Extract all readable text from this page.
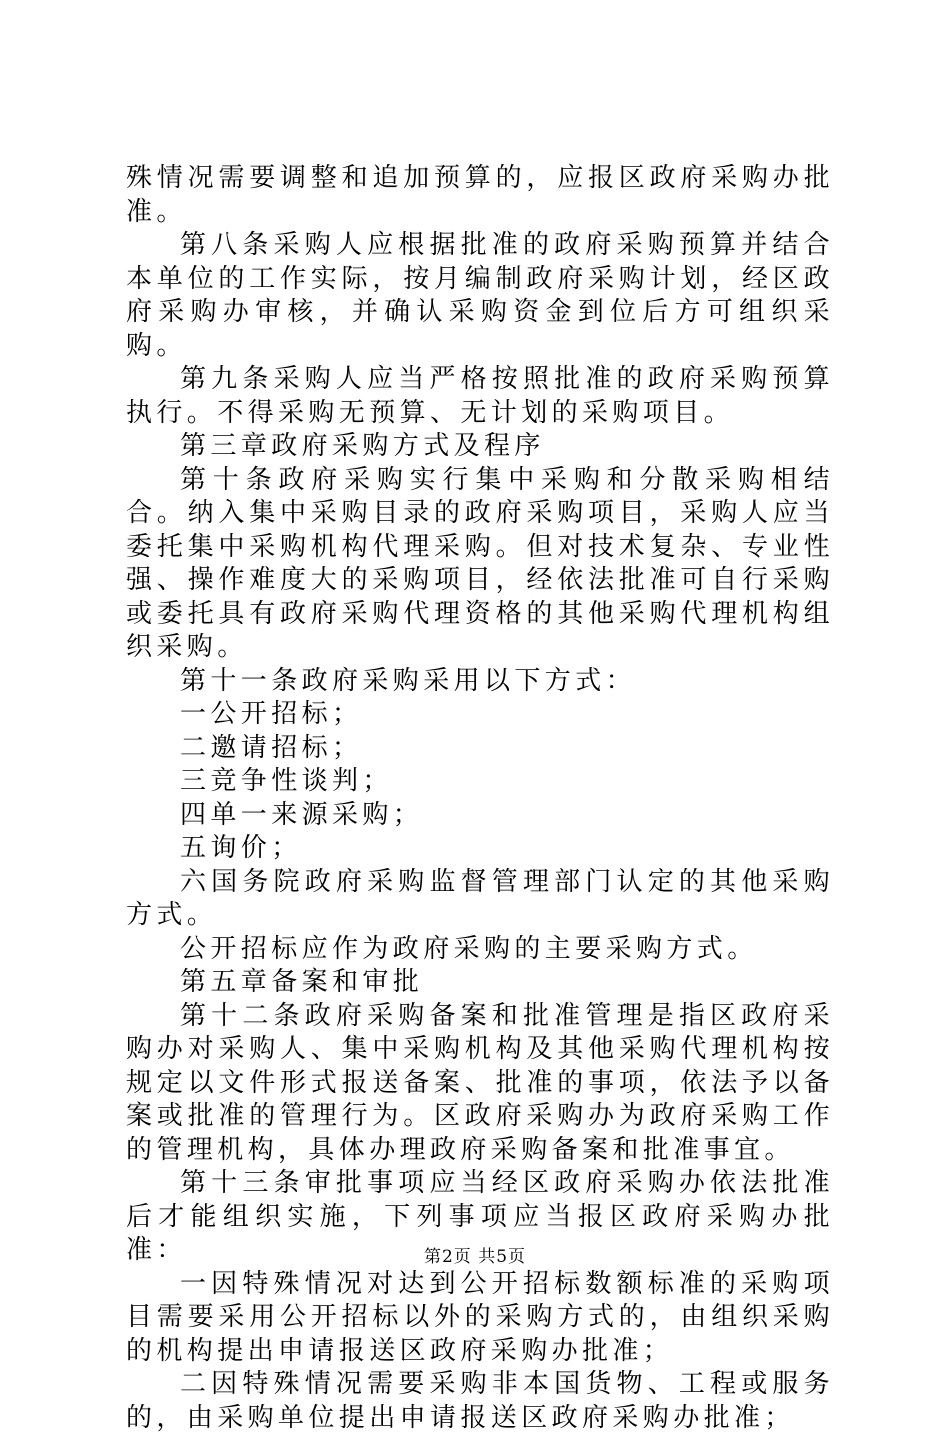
殊情况需要调整和追加预算的，应报区政府采购办批准。

第八条采购人应根据批准的政府采购预算并结合本单位的工作实际，按月编制政府采购计划，经区政府采购办审核，并确认采购资金到位后方可组织采购。

第九条采购人应当严格按照批准的政府采购预算执行。不得采购无预算、无计划的采购项目。

第三章政府采购方式及程序

第十条政府采购实行集中采购和分散采购相结合。纳入集中采购目录的政府采购项目，采购人应当委托集中采购机构代理采购。但对技术复杂、专业性强、操作难度大的采购项目，经依法批准可自行采购或委托具有政府采购代理资格的其他采购代理机构组织采购。

第十一条政府采购采用以下方式：

一公开招标；

二邀请招标；

三竞争性谈判；

四单一来源采购；

五询价；

六国务院政府采购监督管理部门认定的其他采购方式。

公开招标应作为政府采购的主要采购方式。

第五章备案和审批

第十二条政府采购备案和批准管理是指区政府采购办对采购人、集中采购机构及其他采购代理机构按规定以文件形式报送备案、批准的事项，依法予以备案或批准的管理行为。区政府采购办为政府采购工作的管理机构，具体办理政府采购备案和批准事宜。

第十三条审批事项应当经区政府采购办依法批准后才能组织实施，下列事项应当报区政府采购办批准：

一因特殊情况对达到公开招标数额标准的采购项目需要采用公开招标以外的采购方式的，由组织采购的机构提出申请报送区政府采购办批准；

二因特殊情况需要采购非本国货物、工程或服务的，由采购单位提出申请报送区政府采购办批准；

第2页 共5页
